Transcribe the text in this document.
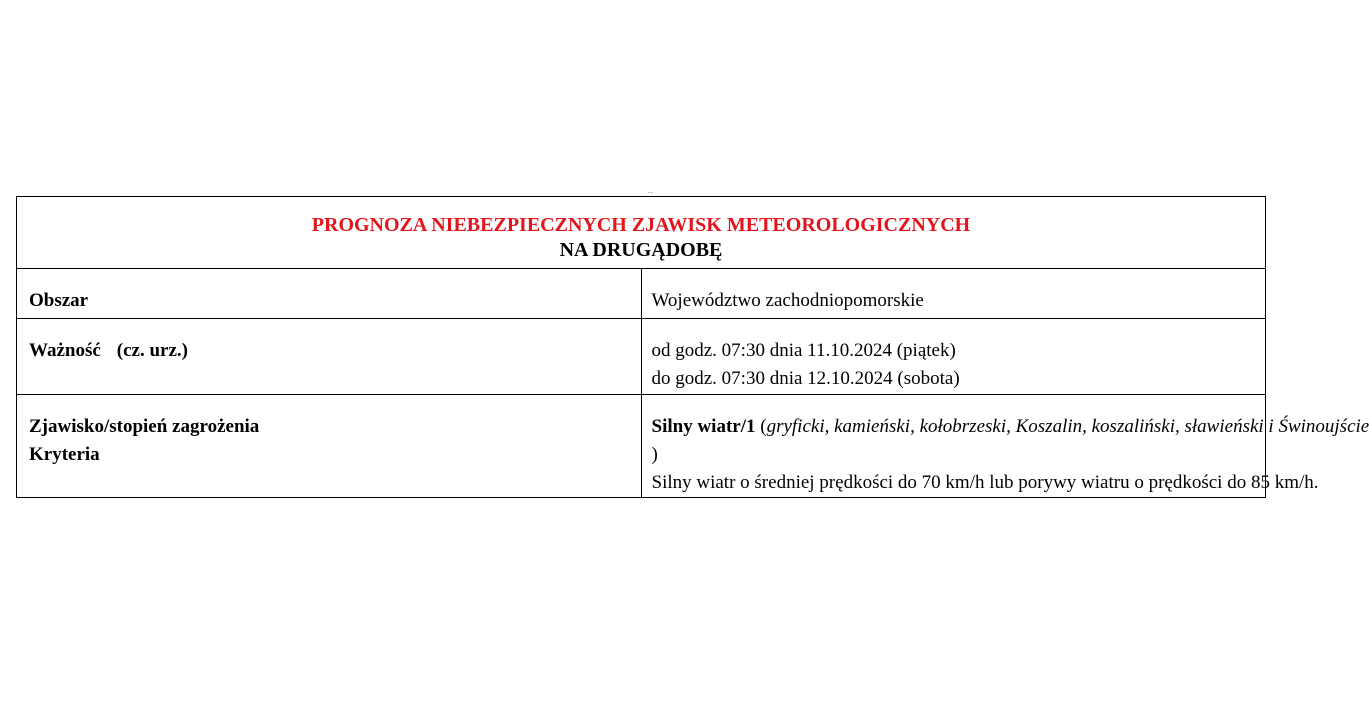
..
PROGNOZA NIEBEZPIECZNYCH ZJAWISK METEOROLOGICZNYCH
NA DRUGĄDOBĘ	

Obszar	Województwo zachodniopomorskie
Ważność (cz. urz.)	od godz. 07:30 dnia 11.10.2024 (piątek)
do godz. 07:30 dnia 12.10.2024 (sobota)

Zjawisko/stopień zagrożenia
Kryteria	Silny wiatr/1 (gryficki, kamieński, kołobrzeski, Koszalin, koszaliński, sławieński i Świnoujście
)
Silny wiatr o średniej prędkości do 70 km/h lub porywy wiatru o prędkości do 85 km/h.
